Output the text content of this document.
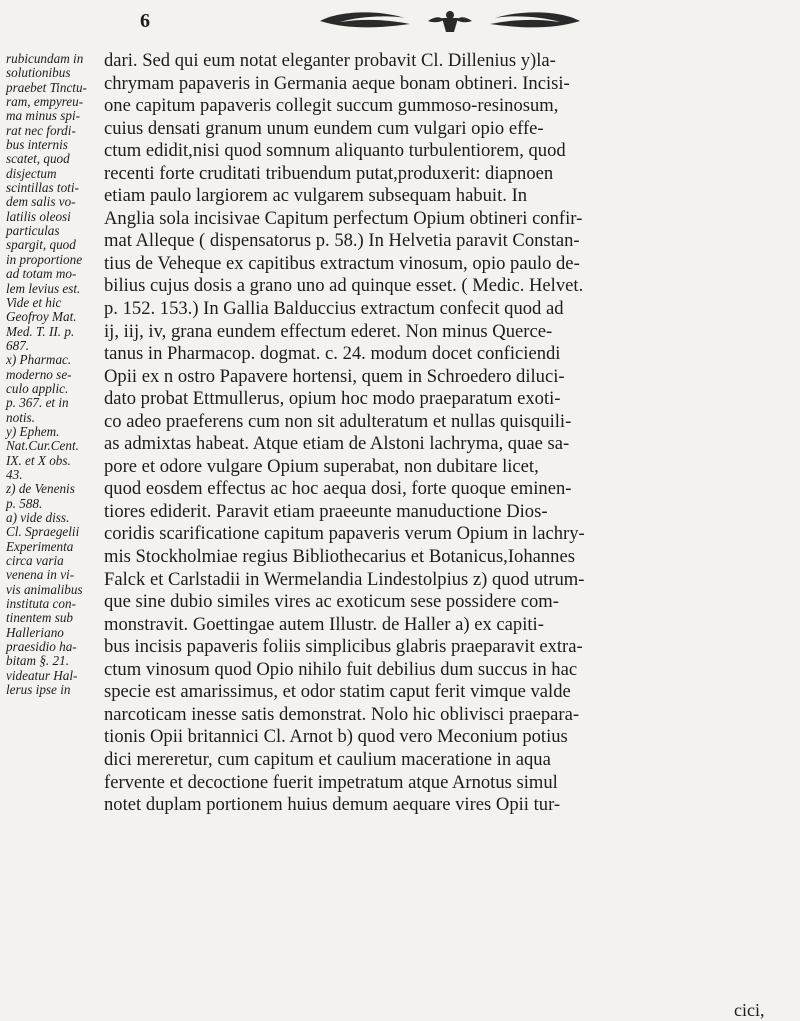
6
rubicundam in
solutionibus
praebet Tinctu-
ram, empyreu-
ma minus spi-
rat nec fordi-
bus internis
scatet, quod
disjectum
scintillas toti-
dem salis vo-
latilis oleosi
particulas
spargit, quod
in proportione
ad totam mo-
lem levius est.
Vide et hic
Geofroy Mat.
Med. T. II. p.
687.
x) Pharmac.
moderno se-
culo applic.
p. 367. et in
notis.
y) Ephem.
Nat.Cur.Cent.
IX. et X obs.
43.
z) de Venenis
p. 588.
a) vide diss.
Cl. Spraegelii
Experimenta
circa varia
venena in vi-
vis animalibus
instituta con-
tinentem sub
Halleriano
praesidio ha-
bitam §. 21.
videatur Hal-
lerus ipse in
dari. Sed qui eum notat eleganter probavit Cl. Dillenius y)la-
chrymam papaveris in Germania aeque bonam obtineri. Incisi-
one capitum papaveris collegit succum gummoso-resinosum,
cuius densati granum unum eundem cum vulgari opio effe-
ctum edidit,nisi quod somnum aliquanto turbulentiorem, quod
recenti forte cruditati tribuendum putat,produxerit: diapnoen
etiam paulo largiorem ac vulgarem subsequam habuit. In
Anglia sola incisivae Capitum perfectum Opium obtineri confir-
mat Alleque ( dispensatorus p. 58.) In Helvetia paravit Constan-
tius de Veheque ex capitibus extractum vinosum, opio paulo de-
bilius cujus dosis a grano uno ad quinque esset. ( Medic. Helvet.
p. 152. 153.) In Gallia Balduccius extractum confecit quod ad
ij, iij, iv, grana eundem effectum ederet. Non minus Querce-
tanus in Pharmacop. dogmat. c. 24. modum docet conficiendi
Opii ex n ostro Papavere hortensi, quem in Schroedero diluci-
dato probat Ettmullerus, opium hoc modo praeparatum exoti-
co adeo praeferens cum non sit adulteratum et nullas quisquili-
as admixtas habeat. Atque etiam de Alstoni lachryma, quae sa-
pore et odore vulgare Opium superabat, non dubitare licet,
quod eosdem effectus ac hoc aequa dosi, forte quoque eminen-
tiores ediderit. Paravit etiam praeeunte manuductione Dios-
coridis scarificatione capitum papaveris verum Opium in lachry-
mis Stockholmiae regius Bibliothecarius et Botanicus,Iohannes
Falck et Carlstadii in Wermelandia Lindestolpius z) quod utrum-
que sine dubio similes vires ac exoticum sese possidere com-
monstravit. Goettingae autem Illustr. de Haller a) ex capiti-
bus incisis papaveris foliis simplicibus glabris praeparavit extra-
ctum vinosum quod Opio nihilo fuit debilius dum succus in hac
specie est amarissimus, et odor statim caput ferit vimque valde
narcoticam inesse satis demonstrat. Nolo hic oblivisci praepara-
tionis Opii britannici Cl. Arnot b) quod vero Meconium potius
dici mereretur, cum capitum et caulium maceratione in aqua
fervente et decoctione fuerit impetratum atque Arnotus simul
notet duplam portionem huius demum aequare vires Opii tur-
cici,
